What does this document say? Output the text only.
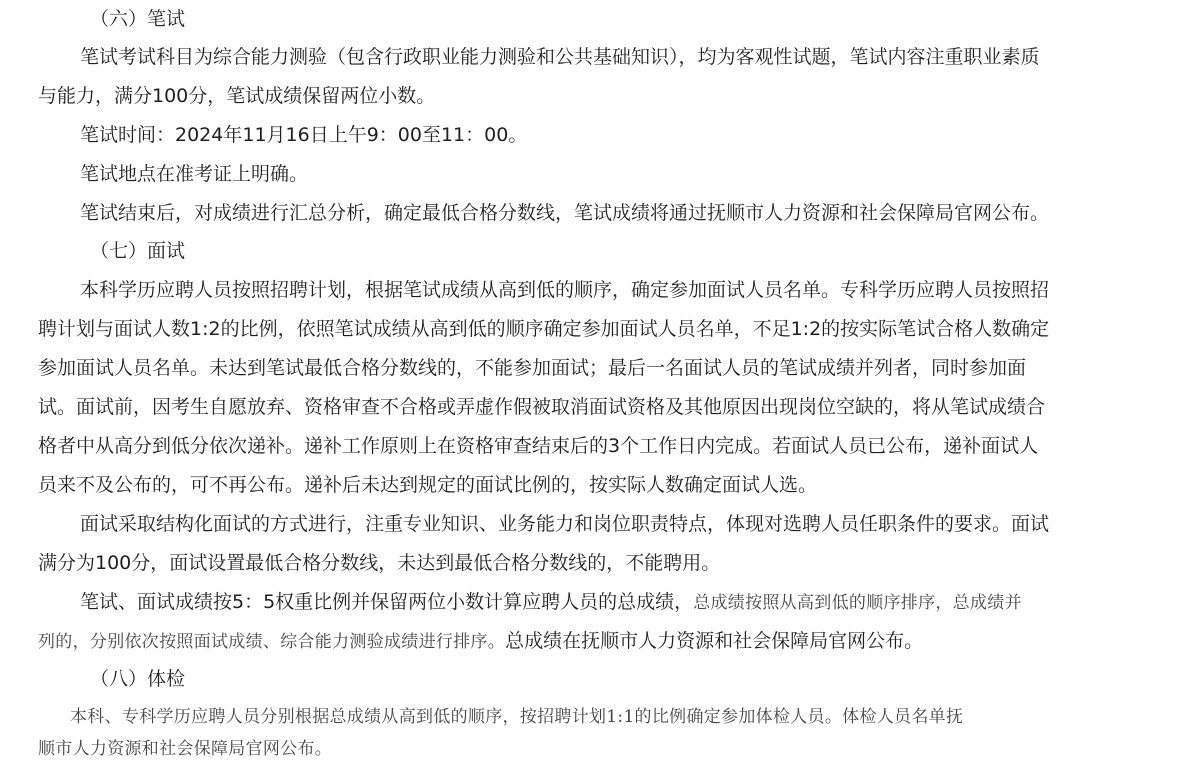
（六）笔试
笔试考试科目为综合能力测验（包含行政职业能力测验和公共基础知识），均为客观性试题，笔试内容注重职业素质
与能力，满分100分，笔试成绩保留两位小数。
笔试时间：2024年11月16日上午9：00至11：00。
笔试地点在准考证上明确。
笔试结束后，对成绩进行汇总分析，确定最低合格分数线，笔试成绩将通过抚顺市人力资源和社会保障局官网公布。
（七）面试
本科学历应聘人员按照招聘计划，根据笔试成绩从高到低的顺序，确定参加面试人员名单。专科学历应聘人员按照招
聘计划与面试人数1:2的比例，依照笔试成绩从高到低的顺序确定参加面试人员名单，不足1:2的按实际笔试合格人数确定
参加面试人员名单。未达到笔试最低合格分数线的，不能参加面试；最后一名面试人员的笔试成绩并列者，同时参加面
试。面试前，因考生自愿放弃、资格审查不合格或弄虚作假被取消面试资格及其他原因出现岗位空缺的，将从笔试成绩合
格者中从高分到低分依次递补。递补工作原则上在资格审查结束后的3个工作日内完成。若面试人员已公布，递补面试人
员来不及公布的，可不再公布。递补后未达到规定的面试比例的，按实际人数确定面试人选。
面试采取结构化面试的方式进行，注重专业知识、业务能力和岗位职责特点，体现对选聘人员任职条件的要求。面试
满分为100分，面试设置最低合格分数线，未达到最低合格分数线的，不能聘用。
笔试、面试成绩按5：5权重比例并保留两位小数计算应聘人员的总成绩，总成绩按照从高到低的顺序排序，总成绩并
列的，分别依次按照面试成绩、综合能力测验成绩进行排序。总成绩在抚顺市人力资源和社会保障局官网公布。
（八）体检
本科、专科学历应聘人员分别根据总成绩从高到低的顺序，按招聘计划1:1的比例确定参加体检人员。体检人员名单抚
顺市人力资源和社会保障局官网公布。
